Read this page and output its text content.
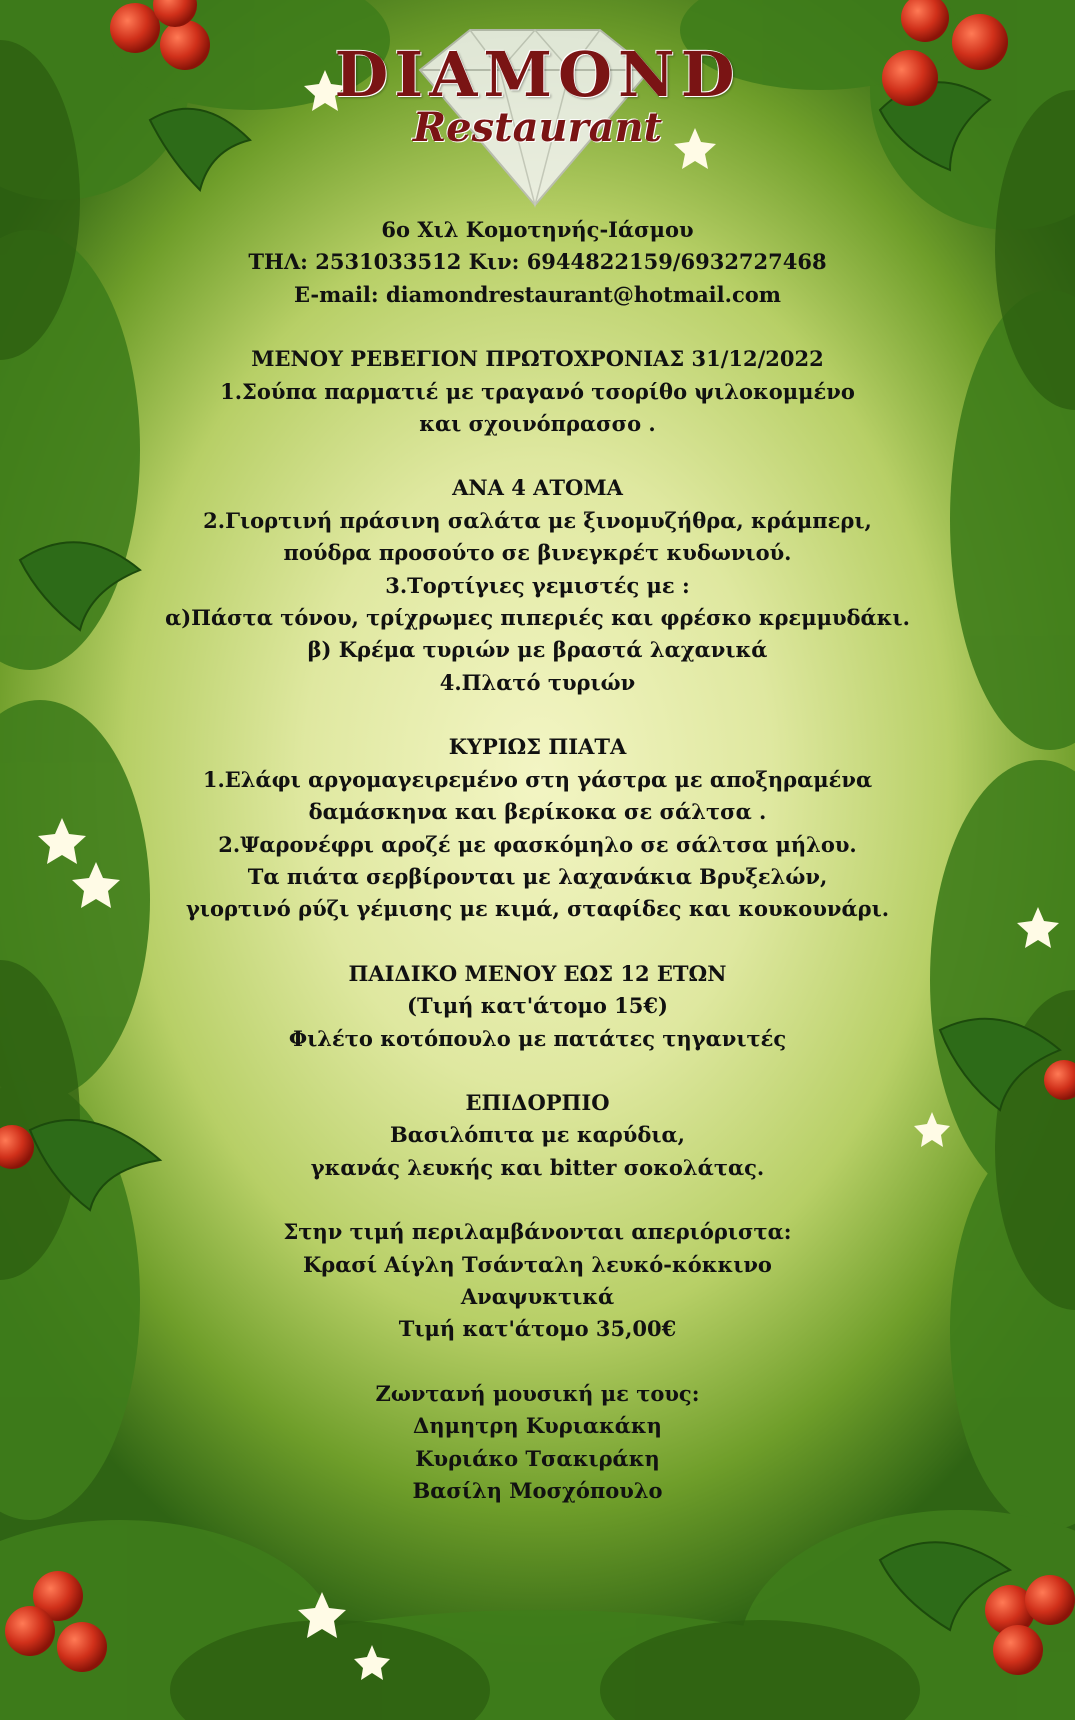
DIAMOND
Restaurant
6ο Χιλ Κομοτηνής-Ιάσμου
ΤΗΛ: 2531033512 Κιν: 6944822159/6932727468
E-mail: diamondrestaurant@hotmail.com
ΜΕΝΟΥ ΡΕΒΕΓΙΟΝ ΠΡΩΤΟΧΡΟΝΙΑΣ 31/12/2022
1.Σούπα παρματιέ με τραγανό τσορίθο ψιλοκομμένο
και σχοινόπρασσο .
ΑΝΑ 4 ΑΤΟΜΑ
2.Γιορτινή πράσινη σαλάτα με ξινομυζήθρα, κράμπερι,
πούδρα προσούτο σε βινεγκρέτ κυδωνιού.
3.Τορτίγιες γεμιστές με :
α)Πάστα τόνου, τρίχρωμες πιπεριές και φρέσκο κρεμμυδάκι.
β) Κρέμα τυριών με βραστά λαχανικά
4.Πλατό τυριών
ΚΥΡΙΩΣ ΠΙΑΤΑ
1.Ελάφι αργομαγειρεμένο στη γάστρα με αποξηραμένα
δαμάσκηνα και βερίκοκα σε σάλτσα .
2.Ψαρονέφρι αροζέ με φασκόμηλο σε σάλτσα μήλου.
Τα πιάτα σερβίρονται με λαχανάκια Βρυξελών,
γιορτινό ρύζι γέμισης με κιμά, σταφίδες και κουκουνάρι.
ΠΑΙΔΙΚΟ ΜΕΝΟΥ ΕΩΣ 12 ΕΤΩΝ
(Τιμή κατ'άτομο 15€)
Φιλέτο κοτόπουλο με πατάτες τηγανιτές
ΕΠΙΔΟΡΠΙΟ
Βασιλόπιτα με καρύδια,
γκανάς λευκής και bitter σοκολάτας.
Στην τιμή περιλαμβάνονται απεριόριστα:
Κρασί Αίγλη Τσάνταλη λευκό-κόκκινο
Αναψυκτικά
Τιμή κατ'άτομο 35,00€
Ζωντανή μουσική με τους:
Δημητρη Κυριακάκη
Κυριάκο Τσακιράκη
Βασίλη Μοσχόπουλο
